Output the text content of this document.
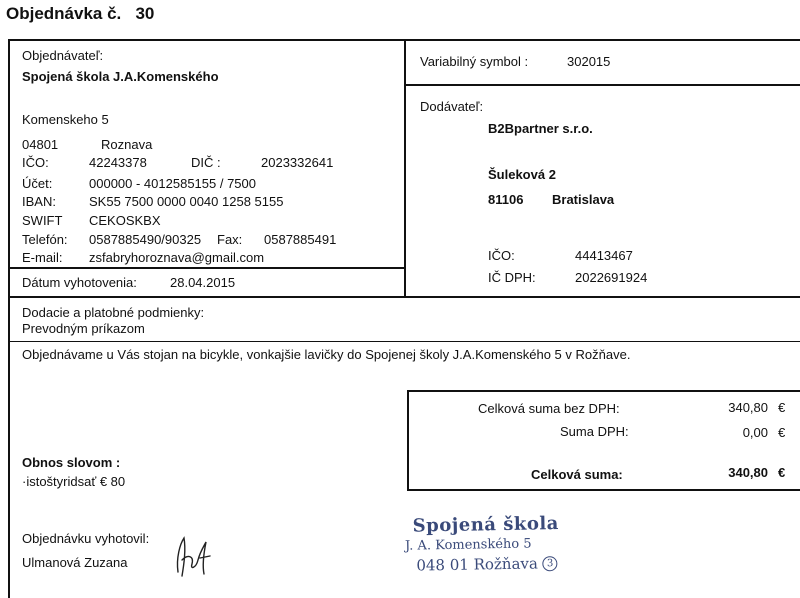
Objednávka č. 30
Objednávateľ:
Spojená škola J.A.Komenského
Komenskeho 5
04801	Roznava
IČO:	42243378	DIČ :	2023332641
Účet:	000000 - 4012585155 / 7500
IBAN:	SK55 7500 0000 0040 1258 5155
SWIFT CEKOSKBX
Telefón: 0587885490/90325 Fax: 0587885491
E-mail: zsfabryhoroznava@gmail.com
Dátum vyhotovenia:	28.04.2015
Variabilný symbol :	302015
Dodávateľ:
B2Bpartner s.r.o.
Šuleková 2
81106 Bratislava
IČO:	44413467
IČ DPH:	2022691924
Dodacie a platobné podmienky:
Prevodným príkazom
Objednávame u Vás stojan na bicykle, vonkajšie lavičky do Spojenej školy J.A.Komenského 5 v Rožňave.
Celková suma bez DPH:	340,80 €
Suma DPH:	0,00 €
Celková suma:	340,80 €
Obnos slovom :
·istoštyridsať € 80
Objednávku vyhotovil:
Ulmanová Zuzana
Spojená škola
J. A. Komenského 5
048 01 Rožňava 3
